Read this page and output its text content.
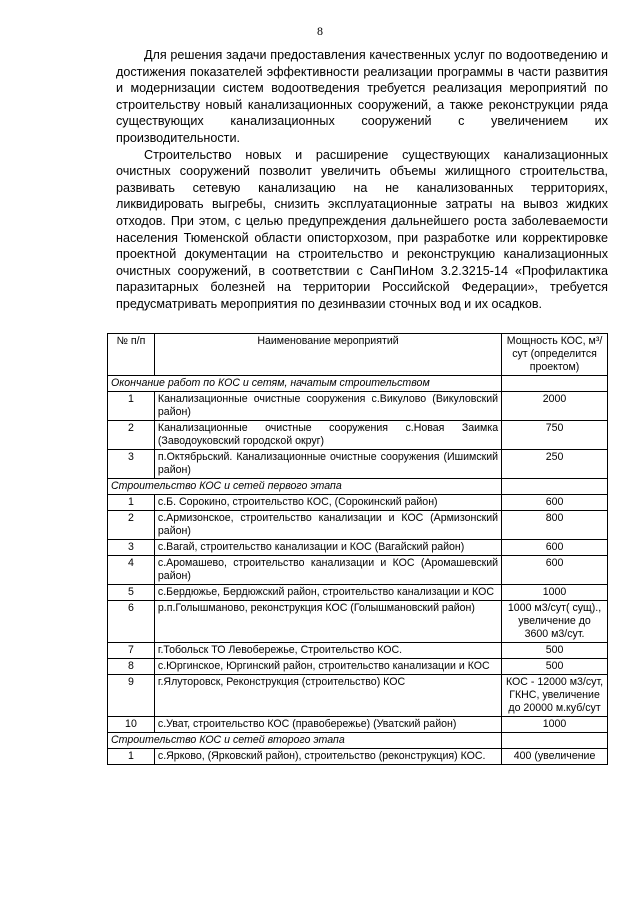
8

Для решения задачи предоставления качественных услуг по водоотведению и достижения показателей эффективности реализации программы в части развития и модернизации систем водоотведения требуется реализация мероприятий по строительству новый канализационных сооружений, а также реконструкции ряда существующих канализационных сооружений с увеличением их производительности.

Строительство новых и расширение существующих канализационных очистных сооружений позволит увеличить объемы жилищного строительства, развивать сетевую канализацию на не канализованных территориях, ликвидировать выгребы, снизить эксплуатационные затраты на вывоз жидких отходов. При этом, с целью предупреждения дальнейшего роста заболеваемости населения Тюменской области описторхозом, при разработке или корректировке проектной документации на строительство и реконструкцию канализационных очистных сооружений, в соответствии с СанПиНом 3.2.3215-14 «Профилактика паразитарных болезней на территории Российской Федерации», требуется предусматривать мероприятия по дезинвазии сточных вод и их осадков.

№ п/п	Наименование мероприятий	Мощность КОС, м³/сут (определится проектом)
Окончание работ по КОС и сетям, начатым строительством		
1	Канализационные очистные сооружения с.Викулово (Викуловский район)	2000
2	Канализационные очистные сооружения с.Новая Заимка (Заводоуковский городской округ)	750
3	п.Октябрьский. Канализационные очистные сооружения (Ишимский район)	250
Строительство КОС и сетей первого этапа		
1	с.Б. Сорокино, строительство КОС, (Сорокинский район)	600
2	с.Армизонское, строительство канализации и КОС (Армизонский район)	800
3	с.Вагай, строительство канализации и КОС (Вагайский район)	600
4	с.Аромашево, строительство канализации и КОС (Аромашевский район)	600
5	с.Бердюжье, Бердюжский район, строительство канализации и КОС	1000
6	р.п.Голышманово, реконструкция КОС (Голышмановский район)	1000 м3/сут( сущ)., увеличение до 3600 м3/сут.
7	г.Тобольск ТО Левобережье, Строительство КОС.	500
8	с.Юргинское, Юргинский район, строительство канализации и КОС	500
9	г.Ялуторовск, Реконструкция (строительство) КОС	КОС - 12000 м3/сут, ГКНС, увеличение до 20000 м.куб/сут
10	с.Уват, строительство КОС (правобережье) (Уватский район)	1000
Строительство КОС и сетей второго этапа		
1	с.Ярково, (Ярковский район), строительство (реконструкция) КОС.	400 (увеличение
